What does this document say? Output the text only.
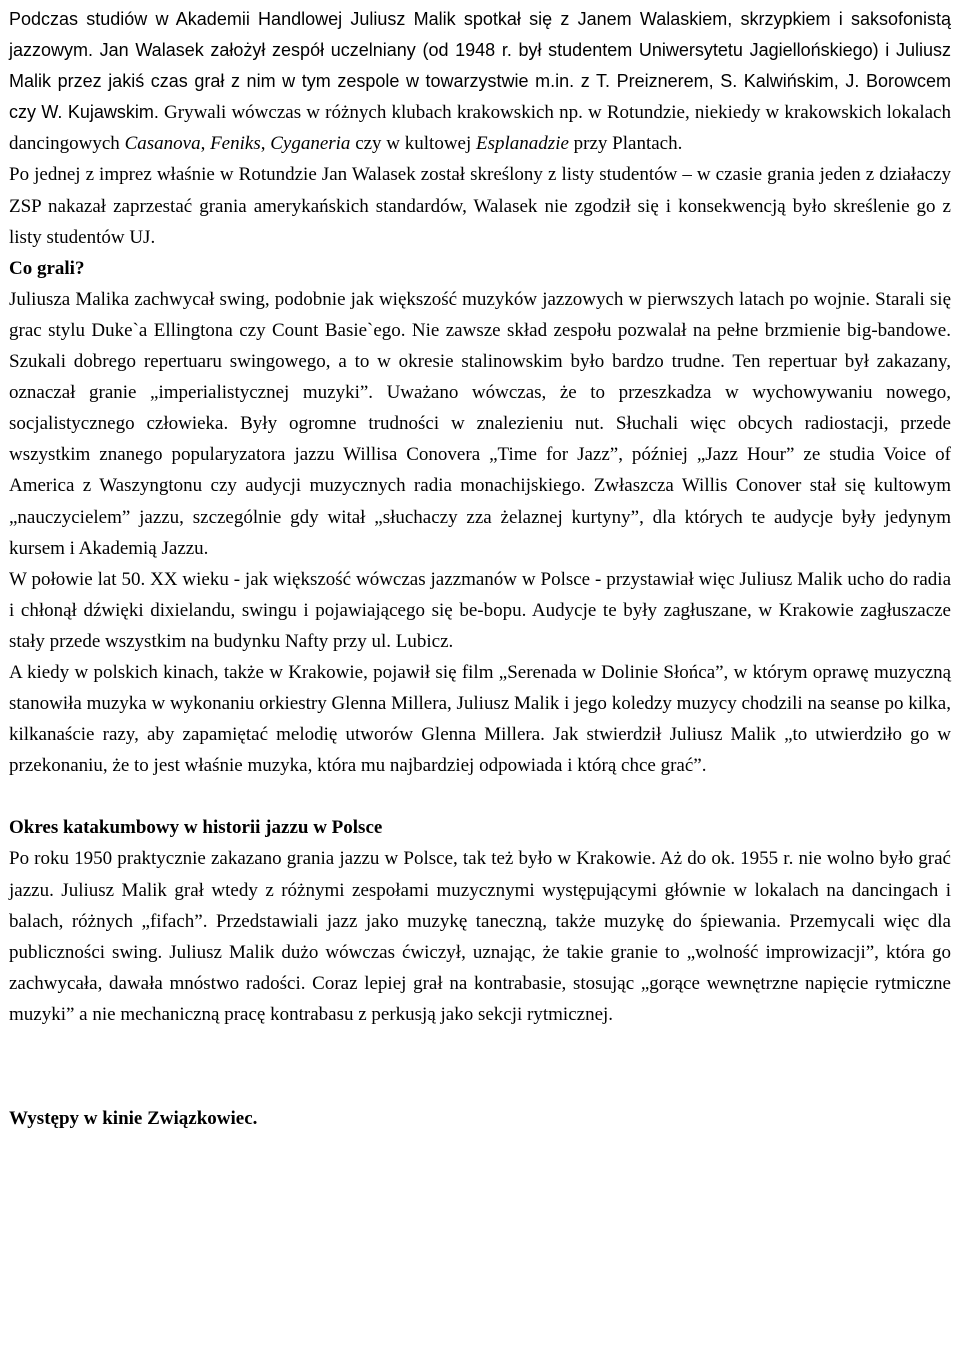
Podczas studiów w Akademii Handlowej Juliusz Malik spotkał się z Janem Walaskiem, skrzypkiem i saksofonistą jazzowym. Jan Walasek założył zespół uczelniany (od 1948 r. był studentem Uniwersytetu Jagiellońskiego) i Juliusz Malik przez jakiś czas grał z nim w tym zespole w towarzystwie m.in. z T. Preiznerem, S. Kalwińskim, J. Borowcem czy W. Kujawskim. Grywali wówczas w różnych klubach krakowskich np. w Rotundzie, niekiedy w krakowskich lokalach dancingowych Casanova, Feniks, Cyganeria czy w kultowej Esplanadzie przy Plantach.

Po jednej z imprez właśnie w Rotundzie Jan Walasek został skreślony z listy studentów – w czasie grania jeden z działaczy ZSP nakazał zaprzestać grania amerykańskich standardów, Walasek nie zgodził się i konsekwencją było skreślenie go z listy studentów UJ.

Co grali?

Juliusza Malika zachwycał swing, podobnie jak większość muzyków jazzowych w pierwszych latach po wojnie. Starali się grac stylu Duke`a Ellingtona czy Count Basie`ego. Nie zawsze skład zespołu pozwalał na pełne brzmienie big-bandowe. Szukali dobrego repertuaru swingowego, a to w okresie stalinowskim było bardzo trudne. Ten repertuar był zakazany, oznaczał granie „imperialistycznej muzyki”. Uważano wówczas, że to przeszkadza w wychowywaniu nowego, socjalistycznego człowieka. Były ogromne trudności w znalezieniu nut. Słuchali więc obcych radiostacji, przede wszystkim znanego popularyzatora jazzu Willisa Conovera „Time for Jazz”, później „Jazz Hour” ze studia Voice of America z Waszyngtonu czy audycji muzycznych radia monachijskiego. Zwłaszcza Willis Conover stał się kultowym „nauczycielem” jazzu, szczególnie gdy witał „słuchaczy zza żelaznej kurtyny”, dla których te audycje były jedynym kursem i Akademią Jazzu.

W połowie lat 50. XX wieku - jak większość wówczas jazzmanów w Polsce - przystawiał więc Juliusz Malik ucho do radia i chłonął dźwięki dixielandu, swingu i pojawiającego się be-bopu. Audycje te były zagłuszane, w Krakowie zagłuszacze stały przede wszystkim na budynku Nafty przy ul. Lubicz.

A kiedy w polskich kinach, także w Krakowie, pojawił się film „Serenada w Dolinie Słońca”, w którym oprawę muzyczną stanowiła muzyka w wykonaniu orkiestry Glenna Millera, Juliusz Malik i jego koledzy muzycy chodzili na seanse po kilka, kilkanaście razy, aby zapamiętać melodię utworów Glenna Millera. Jak stwierdził Juliusz Malik „to utwierdziło go w przekonaniu, że to jest właśnie muzyka, która mu najbardziej odpowiada i którą chce grać”.

Okres katakumbowy w historii jazzu w Polsce

Po roku 1950 praktycznie zakazano grania jazzu w Polsce, tak też było w Krakowie. Aż do ok. 1955 r. nie wolno było grać jazzu. Juliusz Malik grał wtedy z różnymi zespołami muzycznymi występującymi głównie w lokalach na dancingach i balach, różnych „fifach”. Przedstawiali jazz jako muzykę taneczną, także muzykę do śpiewania. Przemycali więc dla publiczności swing. Juliusz Malik dużo wówczas ćwiczył, uznając, że takie granie to „wolność improwizacji”, która go zachwycała, dawała mnóstwo radości. Coraz lepiej grał na kontrabasie, stosując „gorące wewnętrzne napięcie rytmiczne muzyki” a nie mechaniczną pracę kontrabasu z perkusją jako sekcji rytmicznej.

Występy w kinie Związkowiec.
